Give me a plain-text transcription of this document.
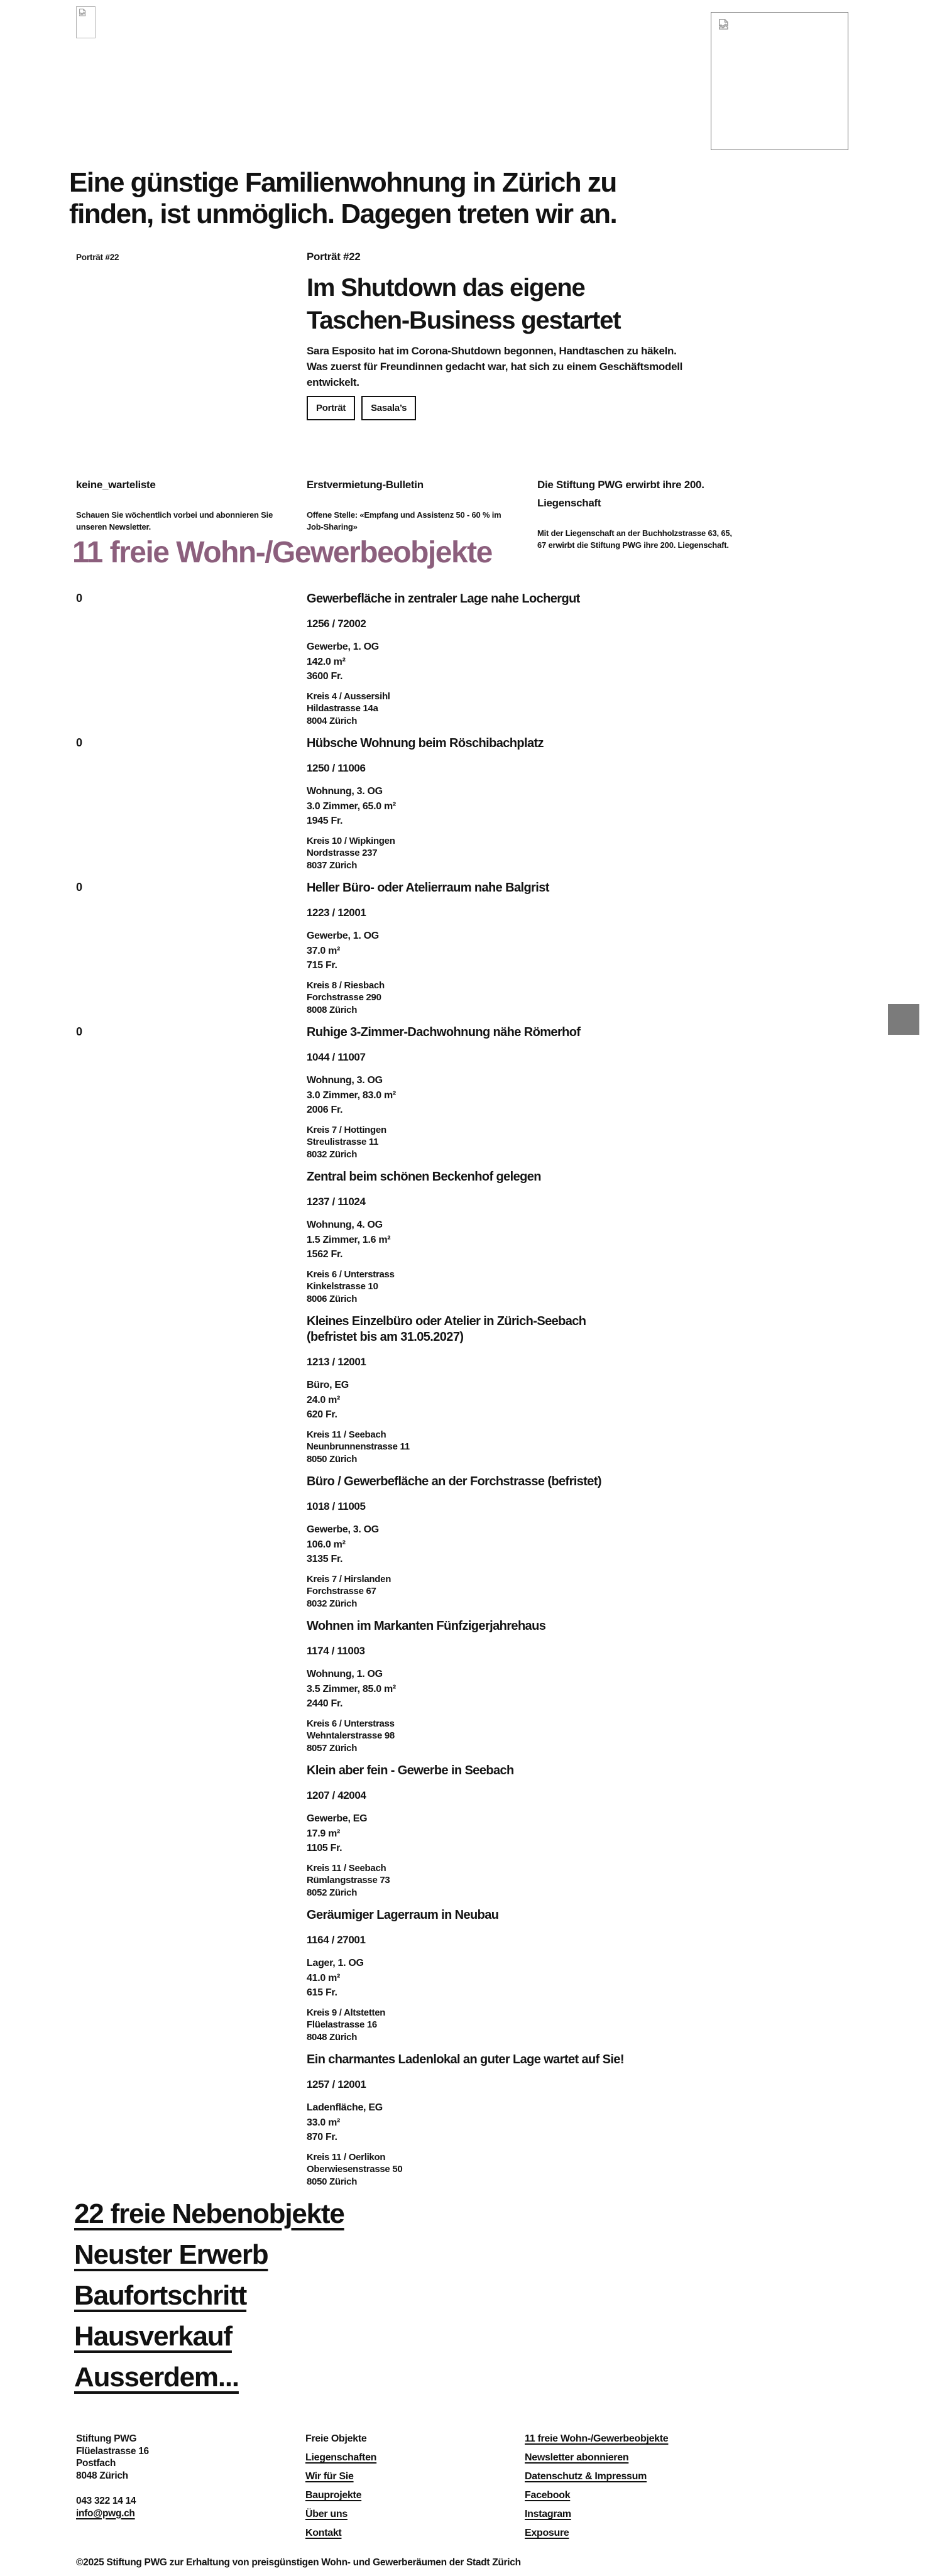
Eine günstige Familienwohnung in Zürich zu
finden, ist unmöglich. Dagegen treten wir an.
Porträt #22	Porträt #22
Im Shutdown das eigene
Taschen-Business gestartet
Sara Esposito hat im Corona-Shutdown begonnen, Handtaschen zu häkeln.
Was zuerst für Freundinnen gedacht war, hat sich zu einem Geschäftsmodell
entwickelt.
Porträt	Sasala’s
keine_warteliste
Schauen Sie wöchentlich vorbei und abonnieren Sie
unseren Newsletter.
Erstvermietung-Bulletin
Offene Stelle: «Empfang und Assistenz 50 - 60 % im
Job-Sharing»
Die Stiftung PWG erwirbt ihre 200.
Liegenschaft
Mit der Liegenschaft an der Buchholzstrasse 63, 65,
67 erwirbt die Stiftung PWG ihre 200. Liegenschaft.
11 freie Wohn-/Gewerbeobjekte
0	Gewerbefläche in zentraler Lage nahe Lochergut
1256 / 72002
Gewerbe, 1. OG
142.0 m²
3600 Fr.
Kreis 4 / Aussersihl
Hildastrasse 14a
8004 Zürich
0	Hübsche Wohnung beim Röschibachplatz
1250 / 11006
Wohnung, 3. OG
3.0 Zimmer, 65.0 m²
1945 Fr.
Kreis 10 / Wipkingen
Nordstrasse 237
8037 Zürich
0	Heller Büro- oder Atelierraum nahe Balgrist
1223 / 12001
Gewerbe, 1. OG
37.0 m²
715 Fr.
Kreis 8 / Riesbach
Forchstrasse 290
8008 Zürich
0	Ruhige 3-Zimmer-Dachwohnung nähe Römerhof
1044 / 11007
Wohnung, 3. OG
3.0 Zimmer, 83.0 m²
2006 Fr.
Kreis 7 / Hottingen
Streulistrasse 11
8032 Zürich
Zentral beim schönen Beckenhof gelegen
1237 / 11024
Wohnung, 4. OG
1.5 Zimmer, 1.6 m²
1562 Fr.
Kreis 6 / Unterstrass
Kinkelstrasse 10
8006 Zürich
Kleines Einzelbüro oder Atelier in Zürich-Seebach
(befristet bis am 31.05.2027)
1213 / 12001
Büro, EG
24.0 m²
620 Fr.
Kreis 11 / Seebach
Neunbrunnenstrasse 11
8050 Zürich
Büro / Gewerbefläche an der Forchstrasse (befristet)
1018 / 11005
Gewerbe, 3. OG
106.0 m²
3135 Fr.
Kreis 7 / Hirslanden
Forchstrasse 67
8032 Zürich
Wohnen im Markanten Fünfzigerjahrehaus
1174 / 11003
Wohnung, 1. OG
3.5 Zimmer, 85.0 m²
2440 Fr.
Kreis 6 / Unterstrass
Wehntalerstrasse 98
8057 Zürich
Klein aber fein - Gewerbe in Seebach
1207 / 42004
Gewerbe, EG
17.9 m²
1105 Fr.
Kreis 11 / Seebach
Rümlangstrasse 73
8052 Zürich
Geräumiger Lagerraum in Neubau
1164 / 27001
Lager, 1. OG
41.0 m²
615 Fr.
Kreis 9 / Altstetten
Flüelastrasse 16
8048 Zürich
Ein charmantes Ladenlokal an guter Lage wartet auf Sie!
1257 / 12001
Ladenfläche, EG
33.0 m²
870 Fr.
Kreis 11 / Oerlikon
Oberwiesenstrasse 50
8050 Zürich
22 freie Nebenobjekte
Neuster Erwerb
Baufortschritt
Hausverkauf
Ausserdem...
Stiftung PWG
Flüelastrasse 16
Postfach
8048 Zürich
043 322 14 14
info@pwg.ch
Freie Objekte
Liegenschaften
Wir für Sie
Bauprojekte
Über uns
Kontakt
11 freie Wohn-/Gewerbeobjekte
Newsletter abonnieren
Datenschutz & Impressum
Facebook
Instagram
Exposure
©2025 Stiftung PWG zur Erhaltung von preisgünstigen Wohn- und Gewerberäumen der Stadt Zürich
